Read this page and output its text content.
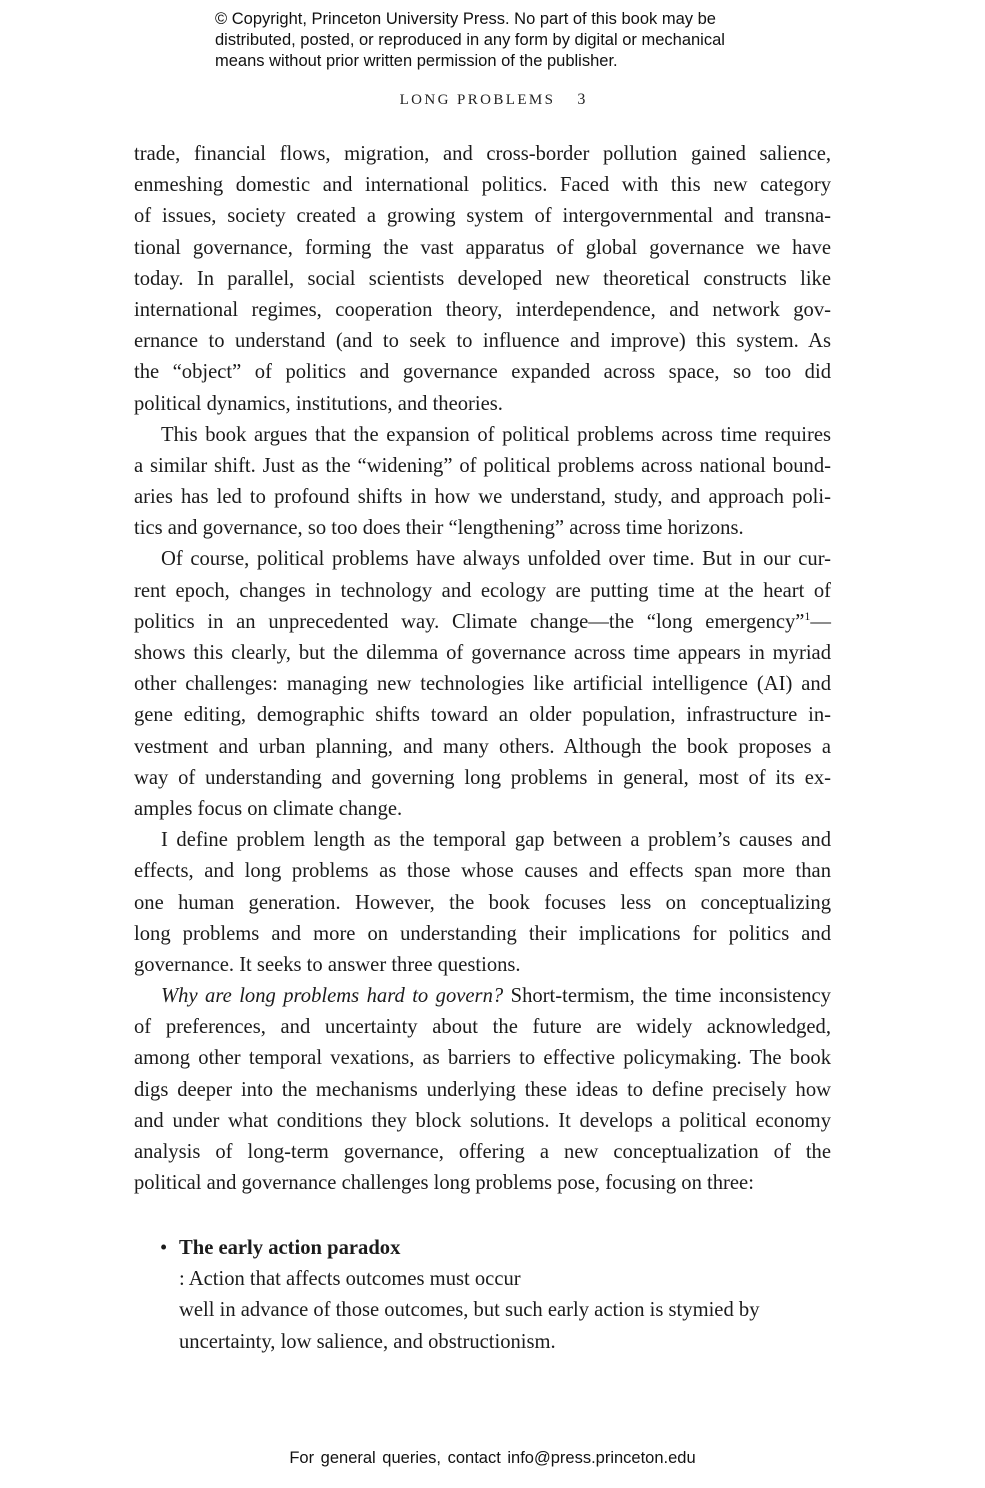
© Copyright, Princeton University Press. No part of this book may be
distributed, posted, or reproduced in any form by digital or mechanical
means without prior written permission of the publisher.
LONG PROBLEMS 3
trade, financial flows, migration, and cross-border pollution gained salience,
enmeshing domestic and international politics. Faced with this new category
of issues, society created a growing system of intergovernmental and transna-
tional governance, forming the vast apparatus of global governance we have
today. In parallel, social scientists developed new theoretical constructs like
international regimes, cooperation theory, interdependence, and network gov-
ernance to understand (and to seek to influence and improve) this system. As
the “object” of politics and governance expanded across space, so too did
political dynamics, institutions, and theories.
This book argues that the expansion of political problems across time requires
a similar shift. Just as the “widening” of political problems across national bound-
aries has led to profound shifts in how we understand, study, and approach poli-
tics and governance, so too does their “lengthening” across time horizons.
Of course, political problems have always unfolded over time. But in our cur-
rent epoch, changes in technology and ecology are putting time at the heart of
politics in an unprecedented way. Climate change—the “long emergency”$^1$—
shows this clearly, but the dilemma of governance across time appears in myriad
other challenges: managing new technologies like artificial intelligence (AI) and
gene editing, demographic shifts toward an older population, infrastructure in-
vestment and urban planning, and many others. Although the book proposes a
way of understanding and governing long problems in general, most of its ex-
amples focus on climate change.
I define problem length as the temporal gap between a problem’s causes and
effects, and long problems as those whose causes and effects span more than
one human generation. However, the book focuses less on conceptualizing
long problems and more on understanding their implications for politics and
governance. It seeks to answer three questions.
Why are long problems hard to govern? Short-termism, the time inconsistency
of preferences, and uncertainty about the future are widely acknowledged,
among other temporal vexations, as barriers to effective policymaking. The book
digs deeper into the mechanisms underlying these ideas to define precisely how
and under what conditions they block solutions. It develops a political economy
analysis of long-term governance, offering a new conceptualization of the
political and governance challenges long problems pose, focusing on three:
• The early action paradox
: Action that affects outcomes must occur
well in advance of those outcomes, but such early action is stymied by
uncertainty, low salience, and obstructionism.
For general queries, contact info@press.princeton.edu
